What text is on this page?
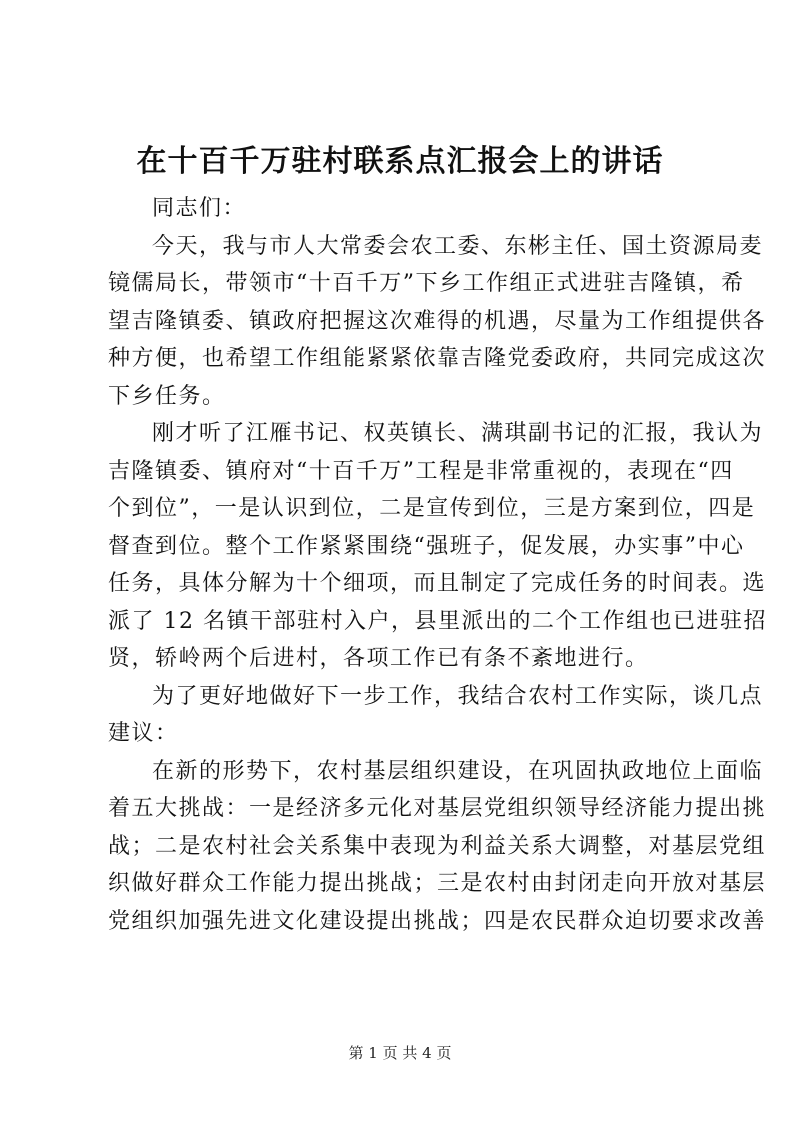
在十百千万驻村联系点汇报会上的讲话

同志们：

今天，我与市人大常委会农工委、东彬主任、国土资源局麦
镜儒局长，带领市“十百千万”下乡工作组正式进驻吉隆镇，希
望吉隆镇委、镇政府把握这次难得的机遇，尽量为工作组提供各
种方便，也希望工作组能紧紧依靠吉隆党委政府，共同完成这次
下乡任务。

刚才听了江雁书记、权英镇长、满琪副书记的汇报，我认为
吉隆镇委、镇府对“十百千万”工程是非常重视的，表现在“四
个到位”，一是认识到位，二是宣传到位，三是方案到位，四是
督查到位。整个工作紧紧围绕“强班子，促发展，办实事”中心
任务，具体分解为十个细项，而且制定了完成任务的时间表。选
派了 12 名镇干部驻村入户，县里派出的二个工作组也已进驻招
贤，轿岭两个后进村，各项工作已有条不紊地进行。

为了更好地做好下一步工作，我结合农村工作实际，谈几点
建议：

在新的形势下，农村基层组织建设，在巩固执政地位上面临
着五大挑战：一是经济多元化对基层党组织领导经济能力提出挑
战；二是农村社会关系集中表现为利益关系大调整，对基层党组
织做好群众工作能力提出挑战；三是农村由封闭走向开放对基层
党组织加强先进文化建设提出挑战；四是农民群众迫切要求改善

第 1 页 共 4 页
